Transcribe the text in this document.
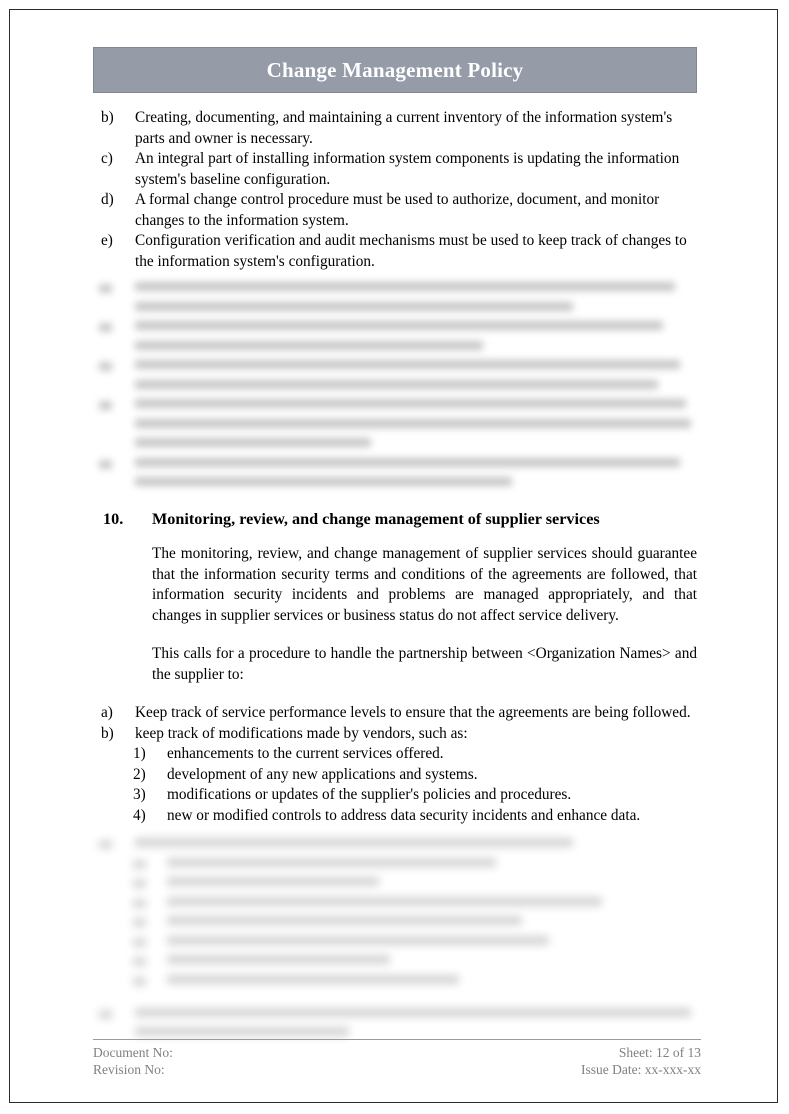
Change Management Policy
b)	Creating, documenting, and maintaining a current inventory of the information system's parts and owner is necessary.
c)	An integral part of installing information system components is updating the information system's baseline configuration.
d)	A formal change control procedure must be used to authorize, document, and monitor changes to the information system.
e)	Configuration verification and audit mechanisms must be used to keep track of changes to the information system's configuration.
10. Monitoring, review, and change management of supplier services
The monitoring, review, and change management of supplier services should guarantee that the information security terms and conditions of the agreements are followed, that information security incidents and problems are managed appropriately, and that changes in supplier services or business status do not affect service delivery.
This calls for a procedure to handle the partnership between <Organization Names> and the supplier to:
a)	Keep track of service performance levels to ensure that the agreements are being followed.
b)	keep track of modifications made by vendors, such as:
1)	enhancements to the current services offered.
2)	development of any new applications and systems.
3)	modifications or updates of the supplier's policies and procedures.
4)	new or modified controls to address data security incidents and enhance data.
Document No:	Sheet: 12 of 13
Revision No:	Issue Date: xx-xxx-xx
